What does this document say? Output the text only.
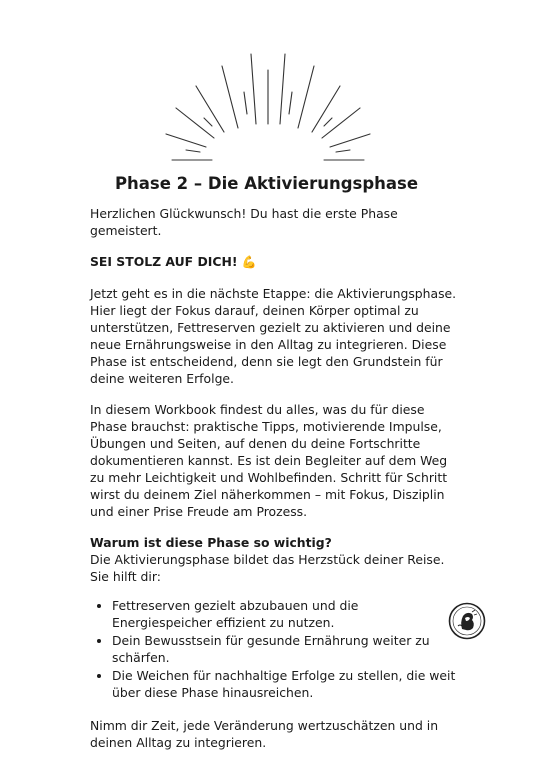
Phase 2 – Die Aktivierungsphase

Herzlichen Glückwunsch! Du hast die erste Phase gemeistert.

SEI STOLZ AUF DICH! 💪

Jetzt geht es in die nächste Etappe: die Aktivierungsphase. Hier liegt der Fokus darauf, deinen Körper optimal zu unterstützen, Fettreserven gezielt zu aktivieren und deine neue Ernährungsweise in den Alltag zu integrieren. Diese Phase ist entscheidend, denn sie legt den Grundstein für deine weiteren Erfolge.

In diesem Workbook findest du alles, was du für diese Phase brauchst: praktische Tipps, motivierende Impulse, Übungen und Seiten, auf denen du deine Fortschritte dokumentieren kannst. Es ist dein Begleiter auf dem Weg zu mehr Leichtigkeit und Wohlbefinden. Schritt für Schritt wirst du deinem Ziel näherkommen – mit Fokus, Disziplin und einer Prise Freude am Prozess.

Warum ist diese Phase so wichtig?

Die Aktivierungsphase bildet das Herzstück deiner Reise. Sie hilft dir:

• Fettreserven gezielt abzubauen und die Energiespeicher effizient zu nutzen.
• Dein Bewusstsein für gesunde Ernährung weiter zu schärfen.
• Die Weichen für nachhaltige Erfolge zu stellen, die weit über diese Phase hinausreichen.

Nimm dir Zeit, jede Veränderung wertzuschätzen und in deinen Alltag zu integrieren.
